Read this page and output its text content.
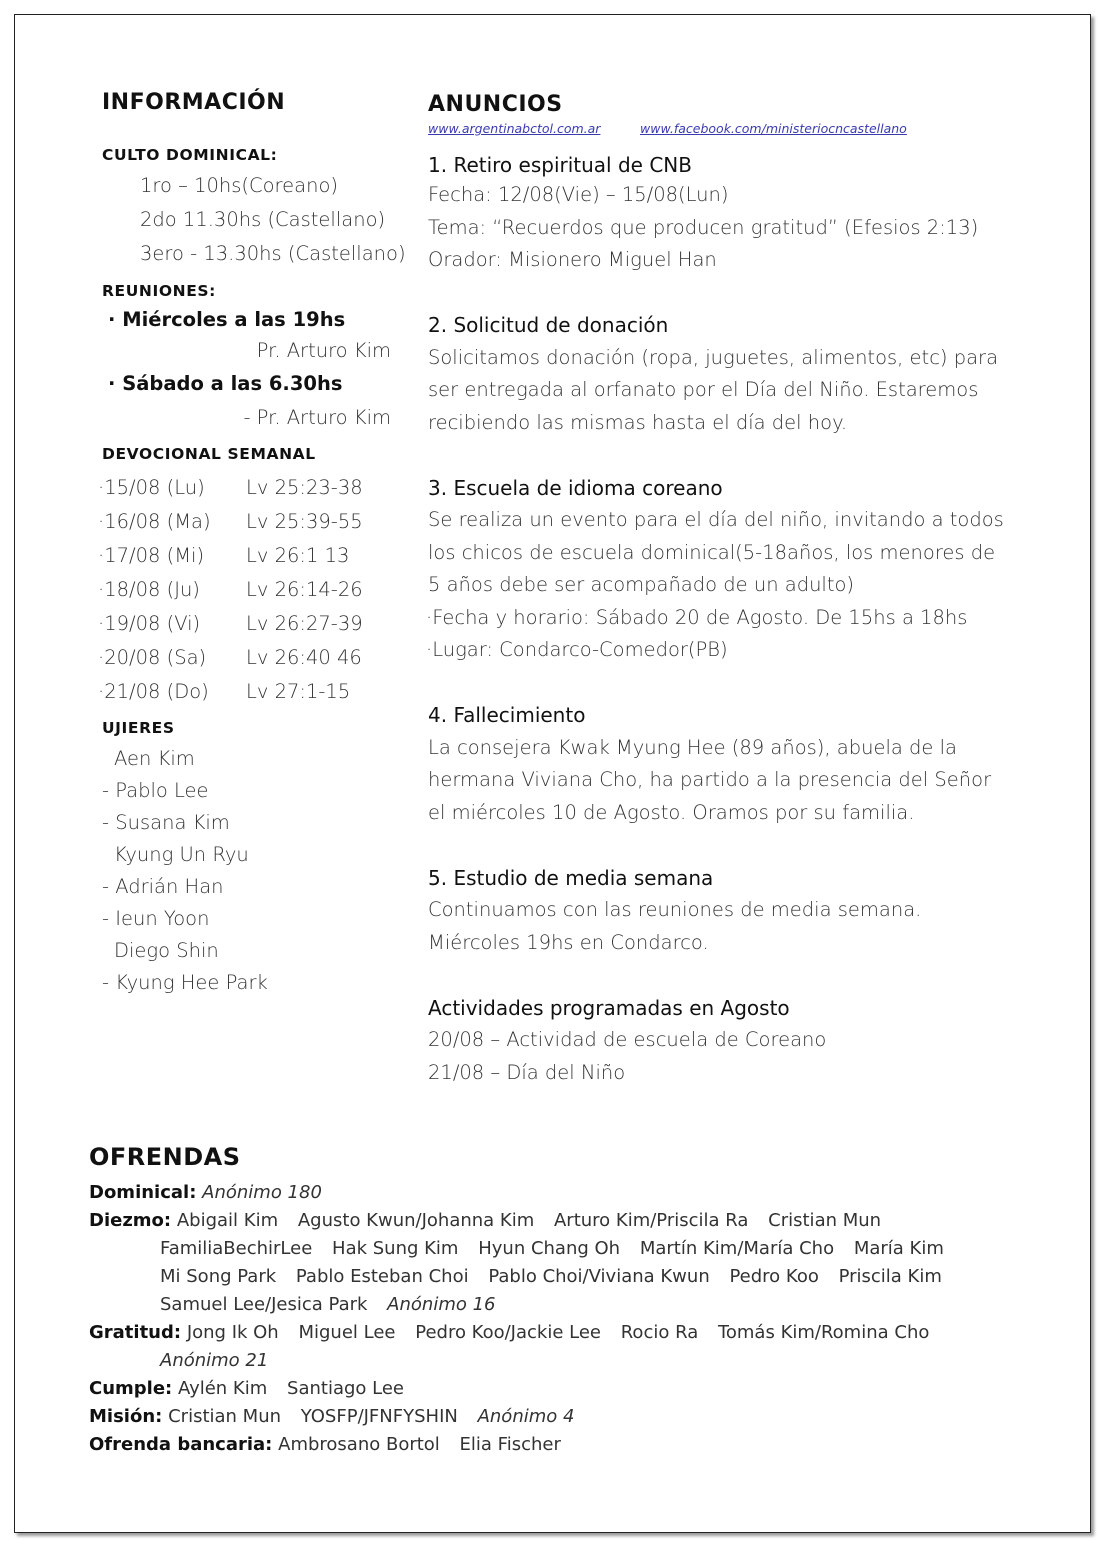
INFORMACIÓN
CULTO DOMINICAL:
1ro – 10hs(Coreano)
2do 11.30hs (Castellano)
3ero - 13.30hs (Castellano)
REUNIONES:
· Miércoles a las 19hs
Pr. Arturo Kim
· Sábado a las 6.30hs
- Pr. Arturo Kim
DEVOCIONAL SEMANAL
·15/08 (Lu) Lv 25:23-38
·16/08 (Ma) Lv 25:39-55
·17/08 (Mi) Lv 26:1 13
·18/08 (Ju) Lv 26:14-26
·19/08 (Vi) Lv 26:27-39
·20/08 (Sa) Lv 26:40 46
·21/08 (Do) Lv 27:1-15
UJIERES
Aen Kim
- Pablo Lee
- Susana Kim
Kyung Un Ryu
- Adrián Han
- Ieun Yoon
Diego Shin
- Kyung Hee Park
ANUNCIOS
www.argentinabctol.com.ar	www.facebook.com/ministeriocncastellano
1. Retiro espiritual de CNB
Fecha: 12/08(Vie) – 15/08(Lun)
Tema: “Recuerdos que producen gratitud” (Efesios 2:13)
Orador: Misionero Miguel Han
2. Solicitud de donación
Solicitamos donación (ropa, juguetes, alimentos, etc) para
ser entregada al orfanato por el Día del Niño. Estaremos
recibiendo las mismas hasta el día del hoy.
3. Escuela de idioma coreano
Se realiza un evento para el día del niño, invitando a todos
los chicos de escuela dominical(5-18años, los menores de
5 años debe ser acompañado de un adulto)
·Fecha y horario: Sábado 20 de Agosto. De 15hs a 18hs
·Lugar: Condarco-Comedor(PB)
4. Fallecimiento
La consejera Kwak Myung Hee (89 años), abuela de la
hermana Viviana Cho, ha partido a la presencia del Señor
el miércoles 10 de Agosto. Oramos por su familia.
5. Estudio de media semana
Continuamos con las reuniones de media semana.
Miércoles 19hs en Condarco.
Actividades programadas en Agosto
20/08 – Actividad de escuela de Coreano
21/08 – Día del Niño
OFRENDAS
Dominical: Anónimo 180
Diezmo: Abigail Kim Agusto Kwun/Johanna Kim Arturo Kim/Priscila Ra Cristian Mun
FamiliaBechirLee Hak Sung Kim Hyun Chang Oh Martín Kim/María Cho María Kim
Mi Song Park Pablo Esteban Choi Pablo Choi/Viviana Kwun Pedro Koo Priscila Kim
Samuel Lee/Jesica Park Anónimo 16
Gratitud: Jong Ik Oh Miguel Lee Pedro Koo/Jackie Lee Rocio Ra Tomás Kim/Romina Cho
Anónimo 21
Cumple: Aylén Kim Santiago Lee
Misión: Cristian Mun YOSFP/JFNFYSHIN Anónimo 4
Ofrenda bancaria: Ambrosano Bortol Elia Fischer
